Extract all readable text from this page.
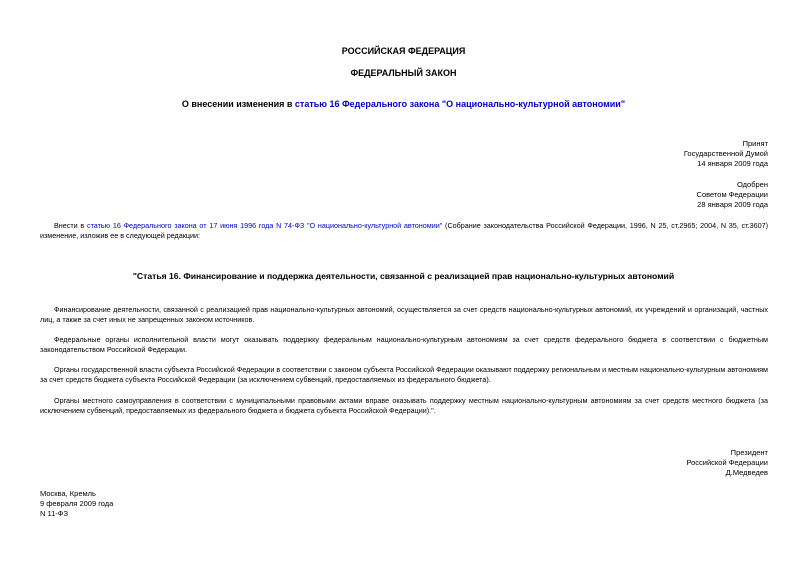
РОССИЙСКАЯ ФЕДЕРАЦИЯ
ФЕДЕРАЛЬНЫЙ ЗАКОН
О внесении изменения в статью 16 Федерального закона "О национально-культурной автономии"
Принят
Государственной Думой
14 января 2009 года
Одобрен
Советом Федерации
28 января 2009 года
Внести в статью 16 Федерального закона от 17 июня 1996 года N 74-ФЗ "О национально-культурной автономии" (Собрание законодательства Российской Федерации, 1996, N 25, ст.2965; 2004, N 35, ст.3607) изменение, изложив ее в следующей редакции:
"Статья 16. Финансирование и поддержка деятельности, связанной с реализацией прав национально-культурных автономий
Финансирование деятельности, связанной с реализацией прав национально-культурных автономий, осуществляется за счет средств национально-культурных автономий, их учреждений и организаций, частных лиц, а также за счет иных не запрещенных законом источников.
Федеральные органы исполнительной власти могут оказывать поддержку федеральным национально-культурным автономиям за счет средств федерального бюджета в соответствии с бюджетным законодательством Российской Федерации.
Органы государственной власти субъекта Российской Федерации в соответствии с законом субъекта Российской Федерации оказывают поддержку региональным и местным национально-культурным автономиям за счет средств бюджета субъекта Российской Федерации (за исключением субвенций, предоставляемых из федерального бюджета).
Органы местного самоуправления в соответствии с муниципальными правовыми актами вправе оказывать поддержку местным национально-культурным автономиям за счет средств местного бюджета (за исключением субвенций, предоставляемых из федерального бюджета и бюджета субъекта Российской Федерации).".
Президент
Российской Федерации
Д.Медведев
Москва, Кремль
9 февраля 2009 года
N 11-ФЗ
